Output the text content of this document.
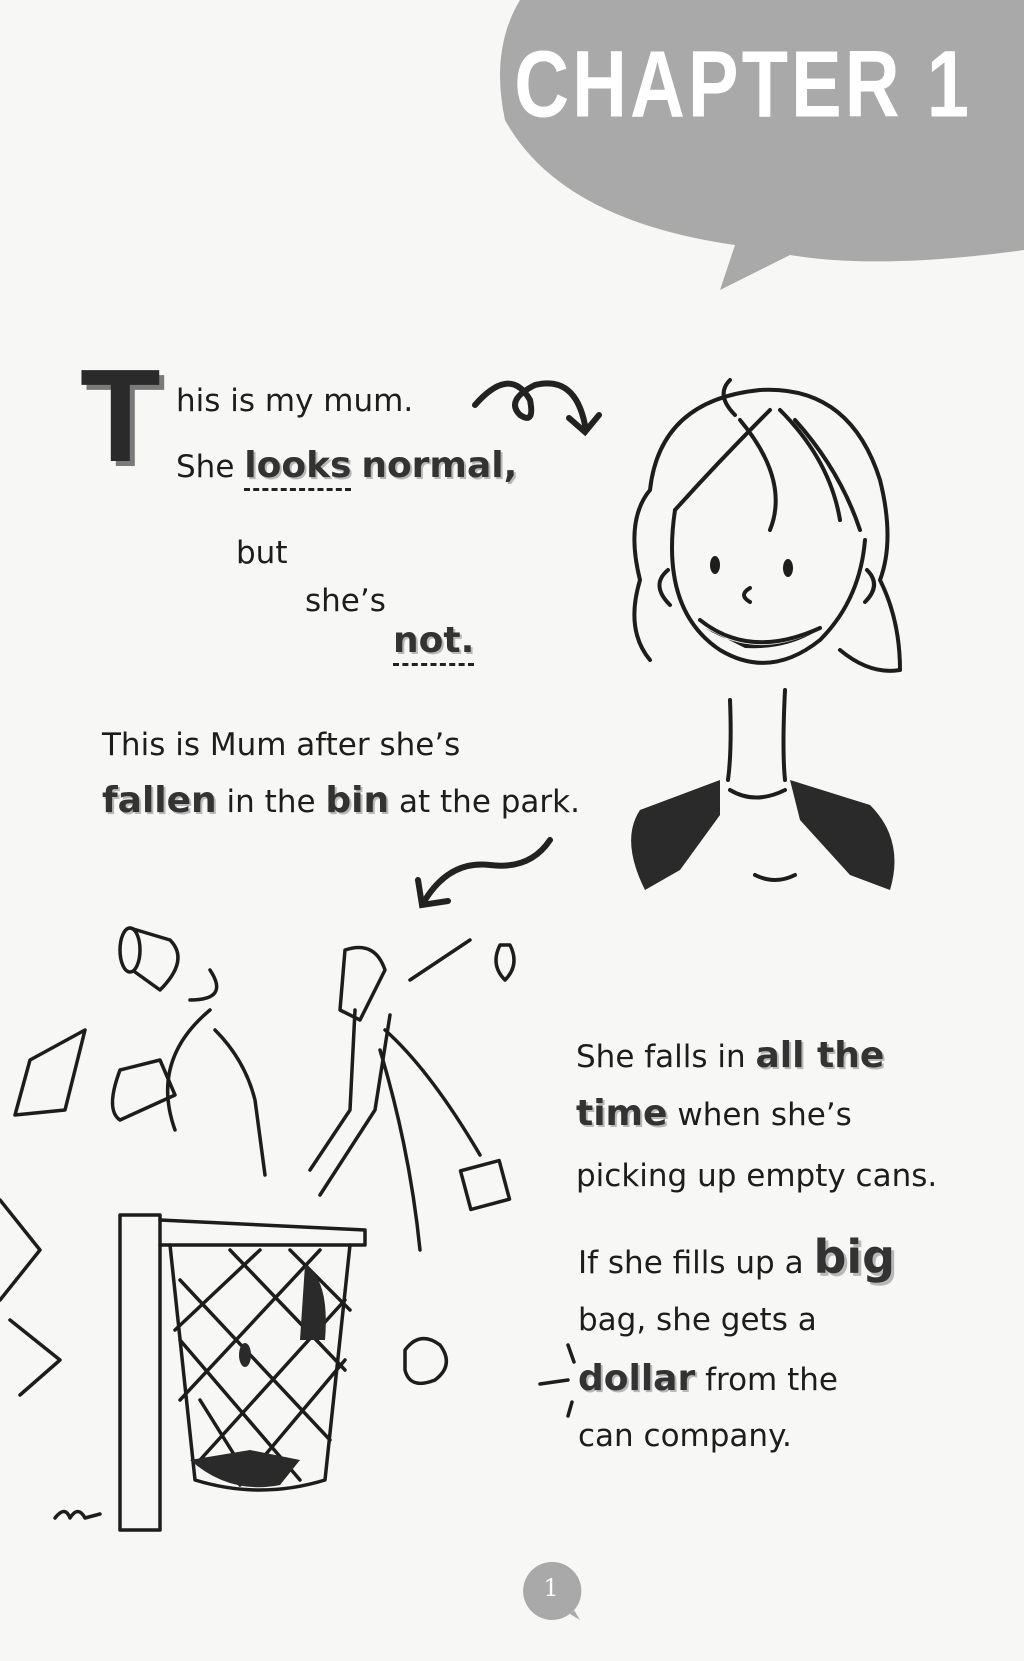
CHAPTER 1
T his is my mum.
She looks normal,
but
she’s
not.
This is Mum after she’s
fallen in the bin at the park.
She falls in all the
time when she’s
picking up empty cans.
If she fills up a big
bag, she gets a
dollar from the
can company.
1
